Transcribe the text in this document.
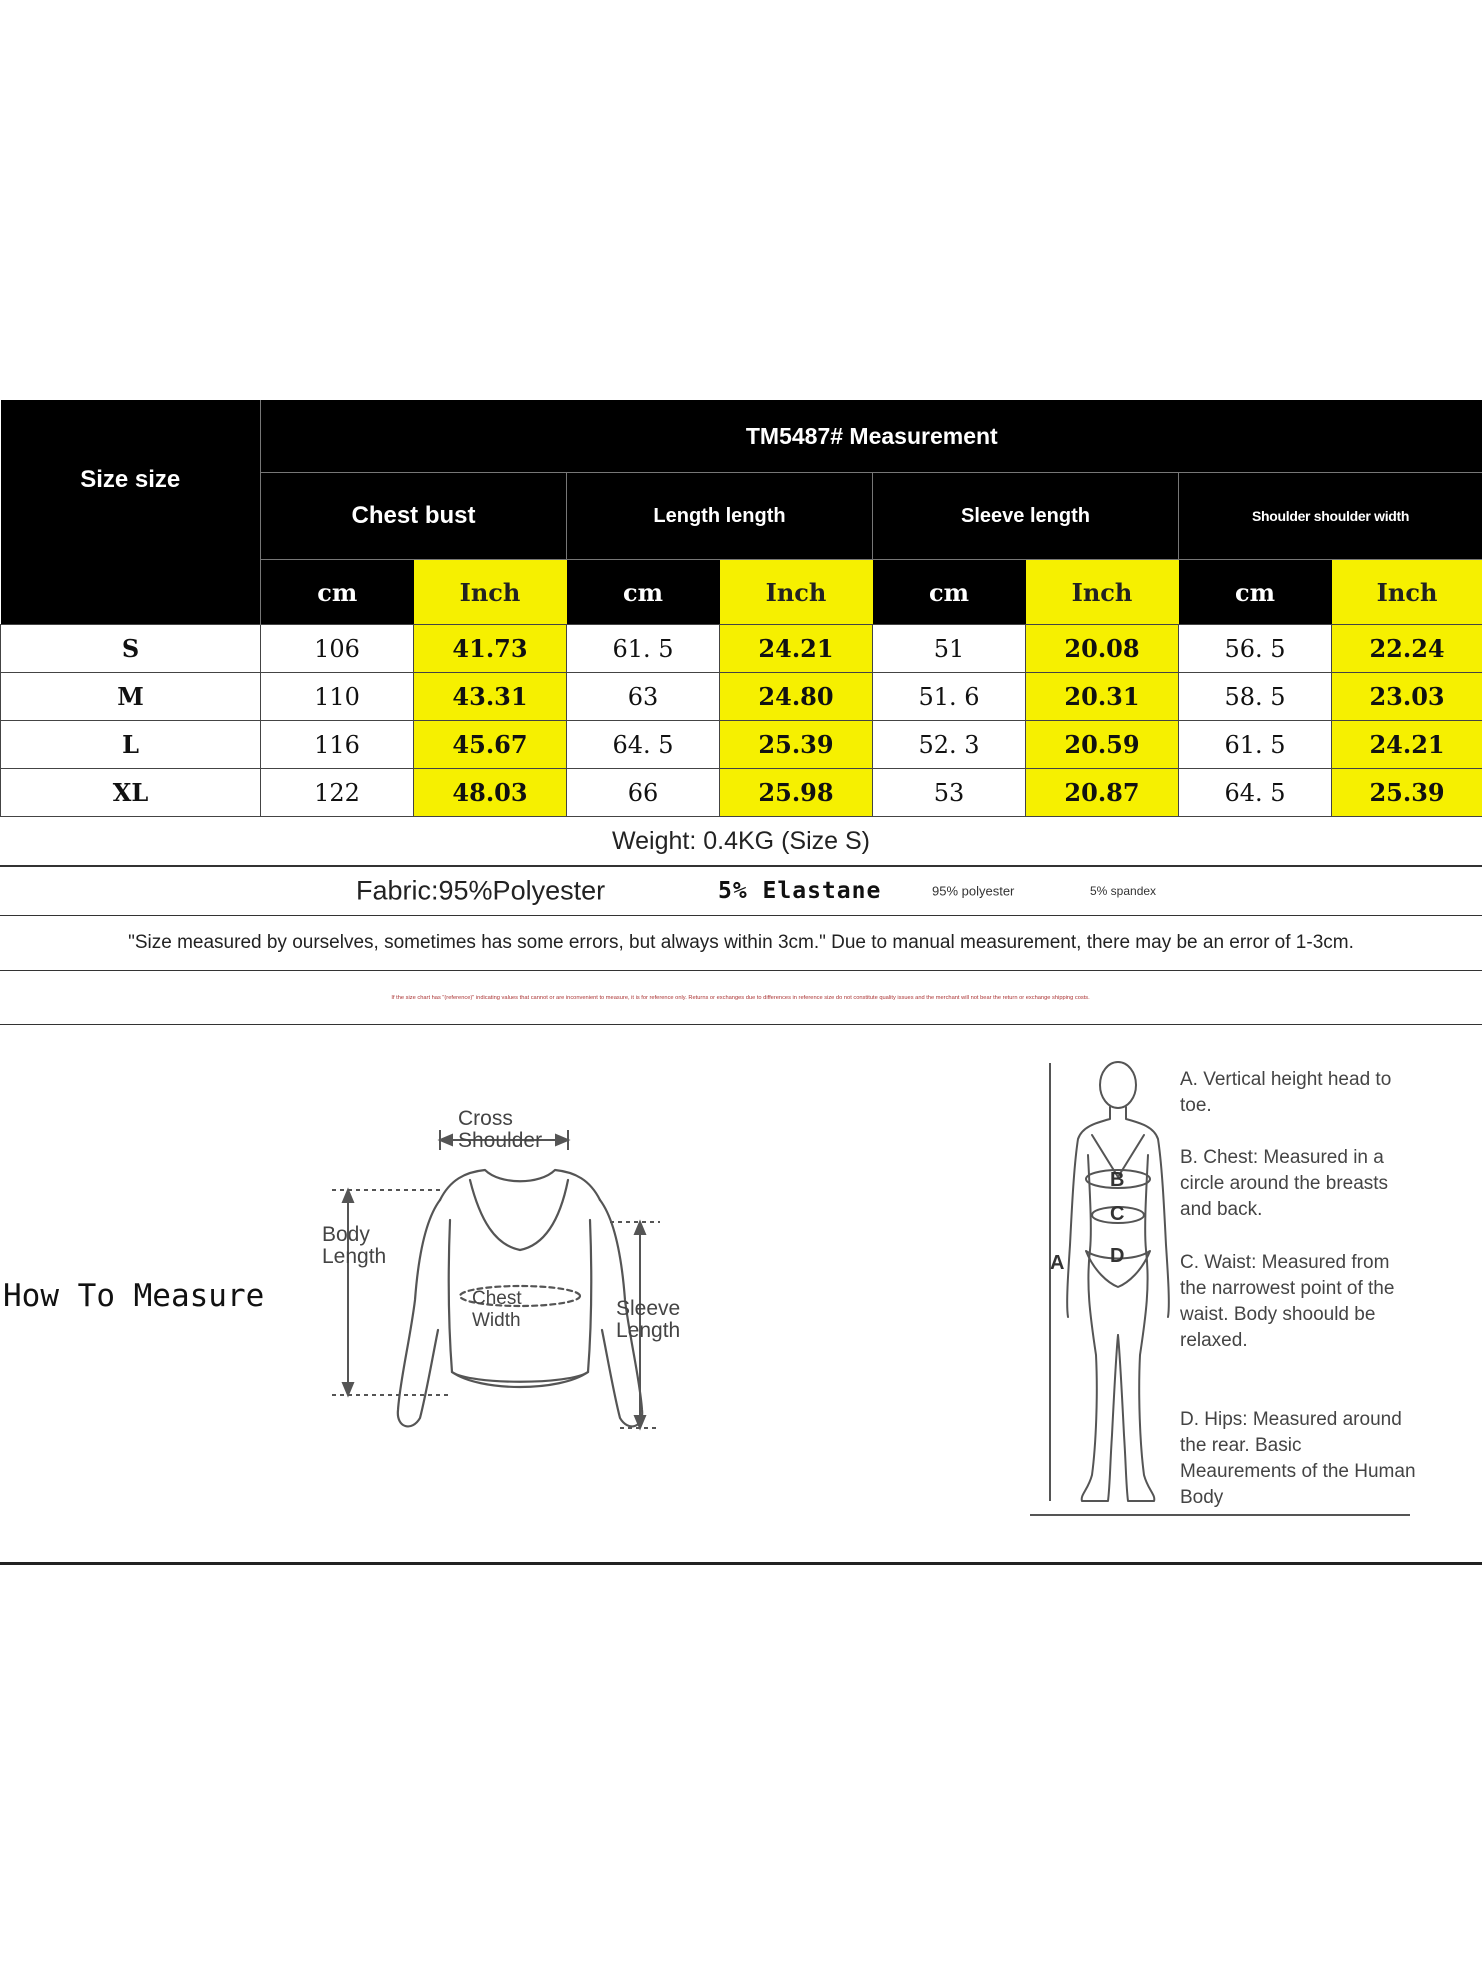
Size size	TM5487# Measurement							
	Chest bust		Length length		Sleeve length		Shoulder shoulder width	
	cm	Inch	cm	Inch	cm	Inch	cm	Inch
S	106	41.73	61. 5	24.21	51	20.08	56. 5	22.24
M	110	43.31	63	24.80	51. 6	20.31	58. 5	23.03
L	116	45.67	64. 5	25.39	52. 3	20.59	61. 5	24.21
XL	122	48.03	66	25.98	53	20.87	64. 5	25.39
Weight: 0.4KG (Size S)
Fabric:95%Polyester	5% Elastane	95% polyester	5% spandex
"Size measured by ourselves, sometimes has some errors, but always within 3cm." Due to manual measurement, there may be an error of 1-3cm.
If the size chart has "(reference)" indicating values that cannot or are inconvenient to measure, it is for reference only. Returns or exchanges due to differences in reference size do not constitute quality issues and the merchant will not bear the return or exchange shipping costs.
How To Measure
Cross
Shoulder
Body
Length
Chest
Width
Sleeve
Length
B
C
D
A
A. Vertical height head to toe.
B. Chest: Measured in a circle around the breasts and back.
C. Waist: Measured from the narrowest point of the waist. Body shoould be relaxed.
D. Hips: Measured around the rear. Basic Meaurements of the Human Body
